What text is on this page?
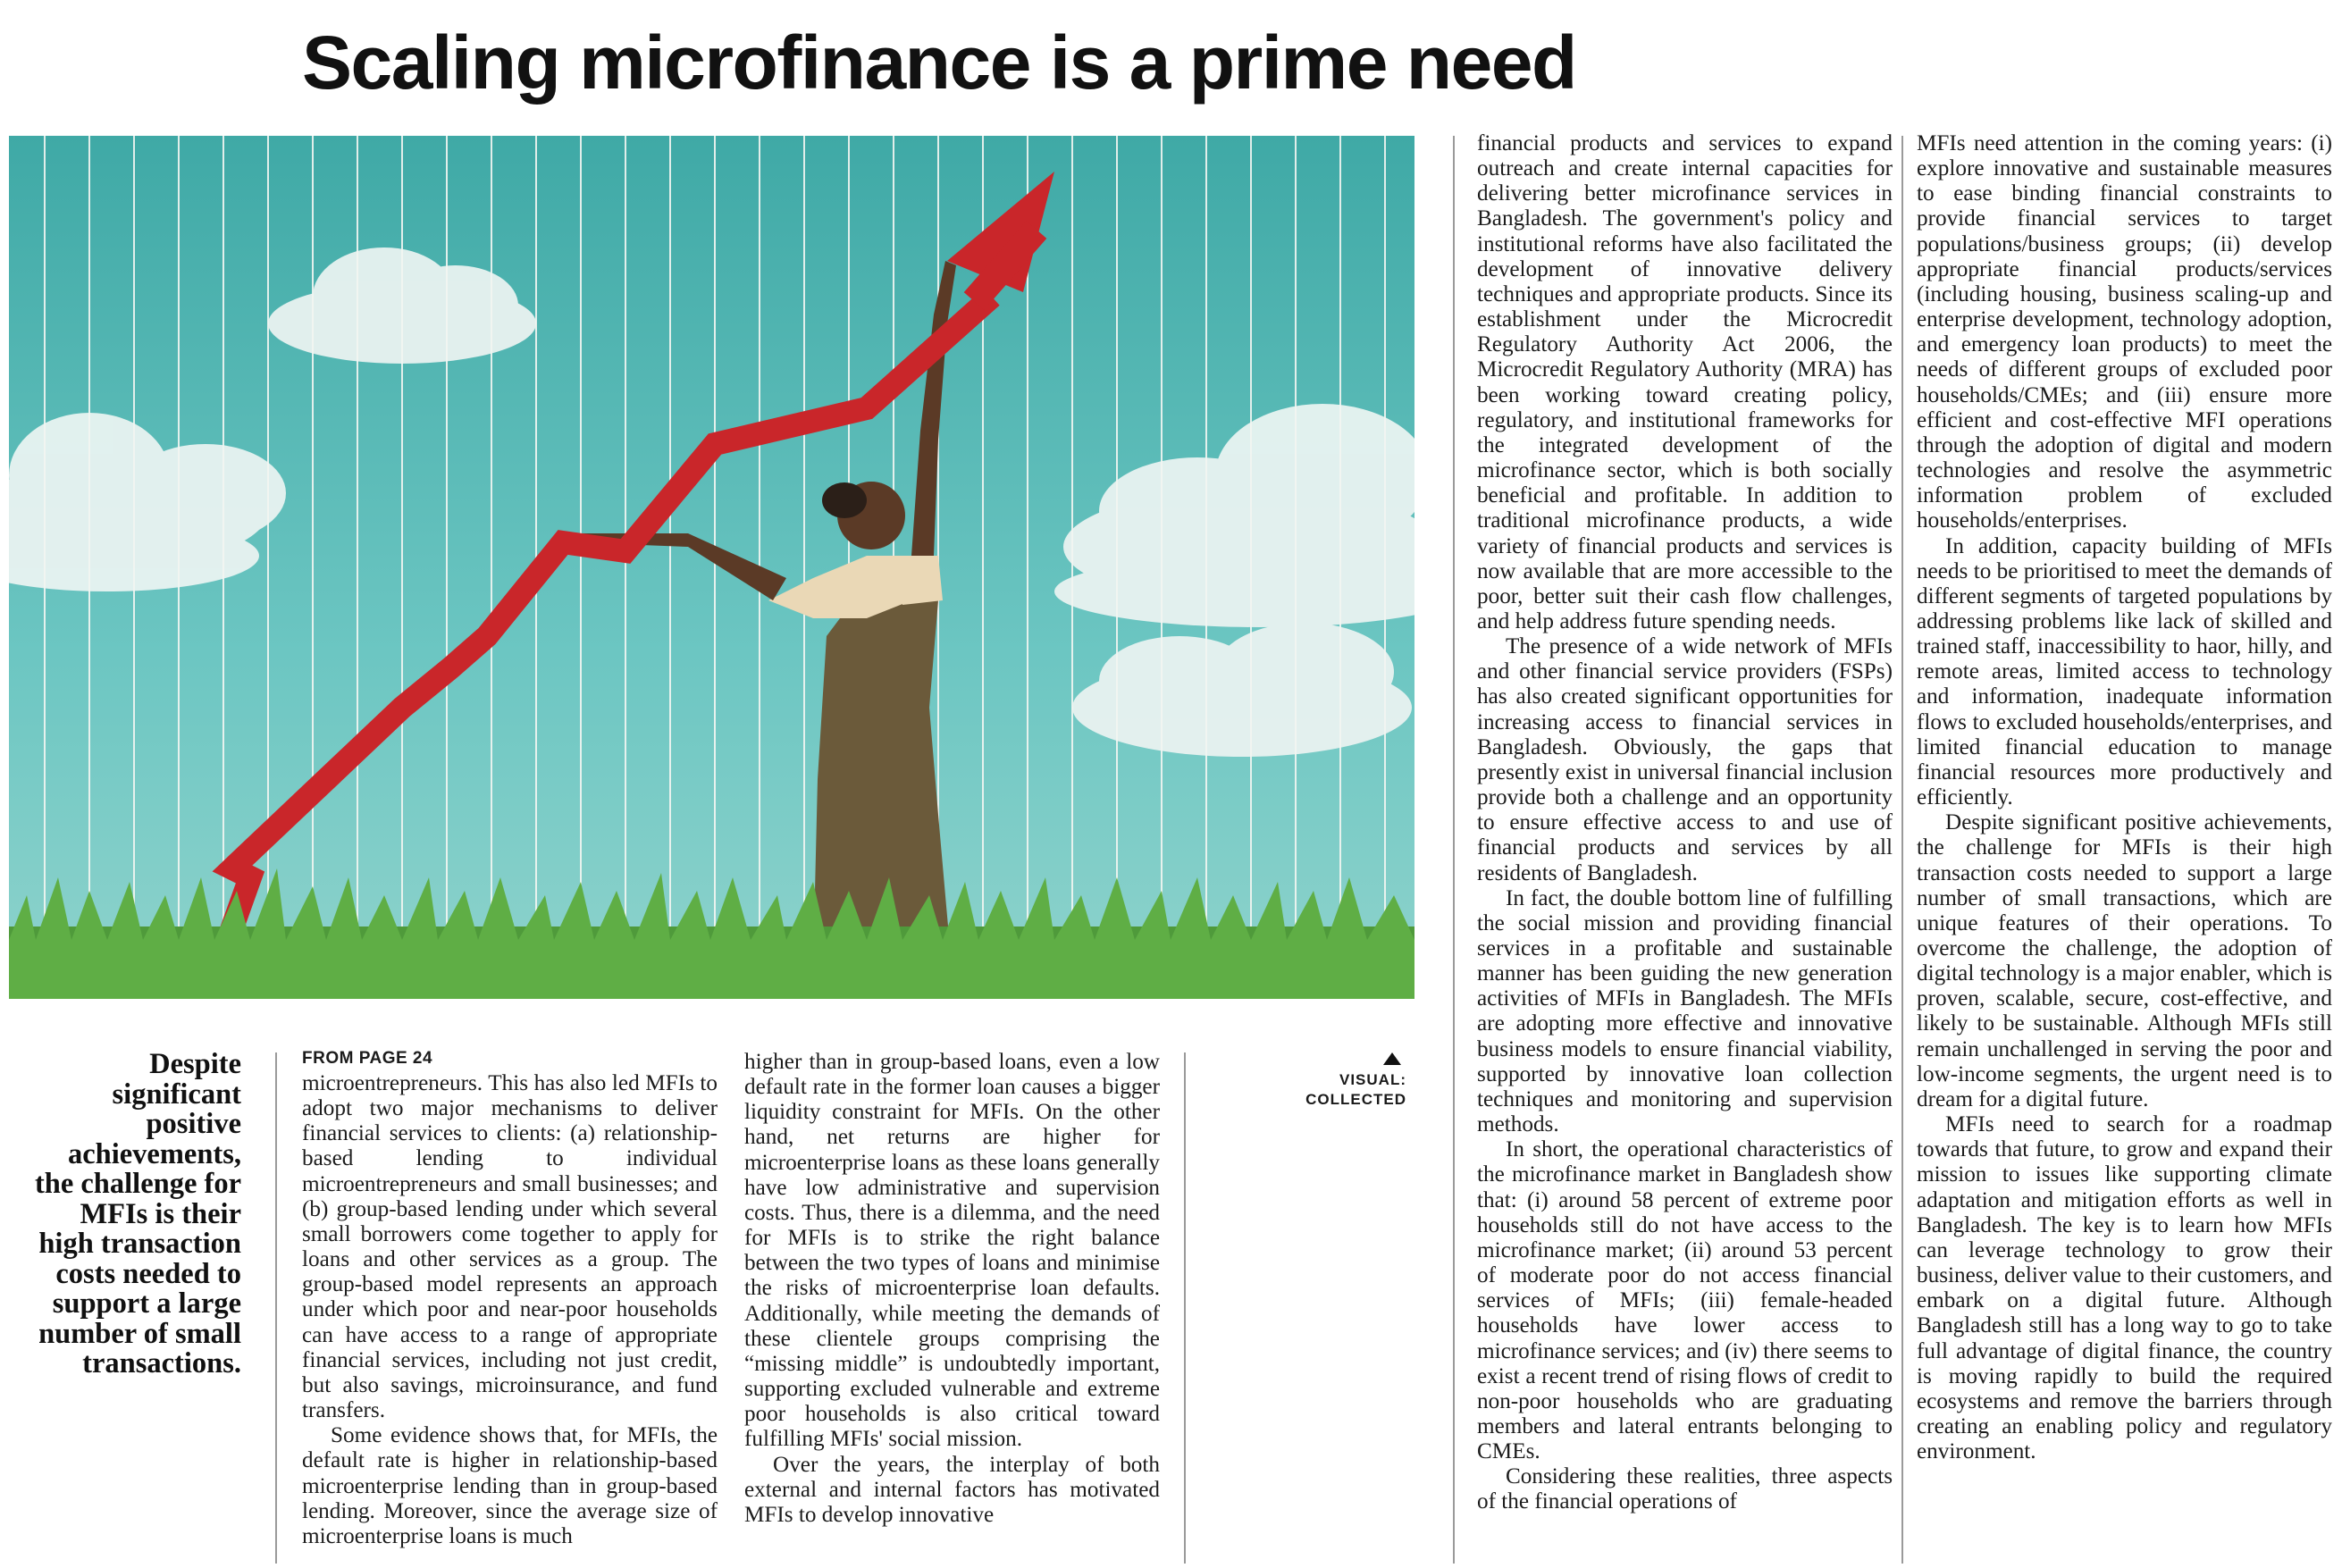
Scaling microfinance is a prime need
Despite significant positive achievements, the challenge for MFIs is their high transaction costs needed to support a large number of small transactions.
FROM PAGE 24

microentrepreneurs. This has also led MFIs to adopt two major mechanisms to deliver financial services to clients: (a) relationship-based lending to individual microentrepreneurs and small businesses; and (b) group-based lending under which several small borrowers come together to apply for loans and other services as a group. The group-based model represents an approach under which poor and near-poor households can have access to a range of appropriate financial services, including not just credit, but also savings, microinsurance, and fund transfers.

Some evidence shows that, for MFIs, the default rate is higher in relationship-based microenterprise lending than in group-based lending. Moreover, since the average size of microenterprise loans is much

higher than in group-based loans, even a low default rate in the former loan causes a bigger liquidity constraint for MFIs. On the other hand, net returns are higher for microenterprise loans as these loans generally have low administrative and supervision costs. Thus, there is a dilemma, and the need for MFIs is to strike the right balance between the two types of loans and minimise the risks of microenterprise loan defaults. Additionally, while meeting the demands of these clientele groups comprising the “missing middle” is undoubtedly important, supporting excluded vulnerable and extreme poor households is also critical toward fulfilling MFIs' social mission.

Over the years, the interplay of both external and internal factors has motivated MFIs to develop innovative

VISUAL:
COLLECTED

financial products and services to expand outreach and create internal capacities for delivering better microfinance services in Bangladesh. The government's policy and institutional reforms have also facilitated the development of innovative delivery techniques and appropriate products. Since its establishment under the Microcredit Regulatory Authority Act 2006, the Microcredit Regulatory Authority (MRA) has been working toward creating policy, regulatory, and institutional frameworks for the integrated development of the microfinance sector, which is both socially beneficial and profitable. In addition to traditional microfinance products, a wide variety of financial products and services is now available that are more accessible to the poor, better suit their cash flow challenges, and help address future spending needs.

The presence of a wide network of MFIs and other financial service providers (FSPs) has also created significant opportunities for increasing access to financial services in Bangladesh. Obviously, the gaps that presently exist in universal financial inclusion provide both a challenge and an opportunity to ensure effective access to and use of financial products and services by all residents of Bangladesh.

In fact, the double bottom line of fulfilling the social mission and providing financial services in a profitable and sustainable manner has been guiding the new generation activities of MFIs in Bangladesh. The MFIs are adopting more effective and innovative business models to ensure financial viability, supported by innovative loan collection techniques and monitoring and supervision methods.

In short, the operational characteristics of the microfinance market in Bangladesh show that: (i) around 58 percent of extreme poor households still do not have access to the microfinance market; (ii) around 53 percent of moderate poor do not access financial services of MFIs; (iii) female-headed households have lower access to microfinance services; and (iv) there seems to exist a recent trend of rising flows of credit to non-poor households who are graduating members and lateral entrants belonging to CMEs.

Considering these realities, three aspects of the financial operations of

MFIs need attention in the coming years: (i) explore innovative and sustainable measures to ease binding financial constraints to provide financial services to target populations/business groups; (ii) develop appropriate financial products/services (including housing, business scaling-up and enterprise development, technology adoption, and emergency loan products) to meet the needs of different groups of excluded poor households/CMEs; and (iii) ensure more efficient and cost-effective MFI operations through the adoption of digital and modern technologies and resolve the asymmetric information problem of excluded households/enterprises.

In addition, capacity building of MFIs needs to be prioritised to meet the demands of different segments of targeted populations by addressing problems like lack of skilled and trained staff, inaccessibility to haor, hilly, and remote areas, limited access to technology and information, inadequate information flows to excluded households/enterprises, and limited financial education to manage financial resources more productively and efficiently.

Despite significant positive achievements, the challenge for MFIs is their high transaction costs needed to support a large number of small transactions, which are unique features of their operations. To overcome the challenge, the adoption of digital technology is a major enabler, which is proven, scalable, secure, cost-effective, and likely to be sustainable. Although MFIs still remain unchallenged in serving the poor and low-income segments, the urgent need is to dream for a digital future.

MFIs need to search for a roadmap towards that future, to grow and expand their mission to issues like supporting climate adaptation and mitigation efforts as well in Bangladesh. The key is to learn how MFIs can leverage technology to grow their business, deliver value to their customers, and embark on a digital future. Although Bangladesh still has a long way to go to take full advantage of digital finance, the country is moving rapidly to build the required ecosystems and remove the barriers through creating an enabling policy and regulatory environment.
